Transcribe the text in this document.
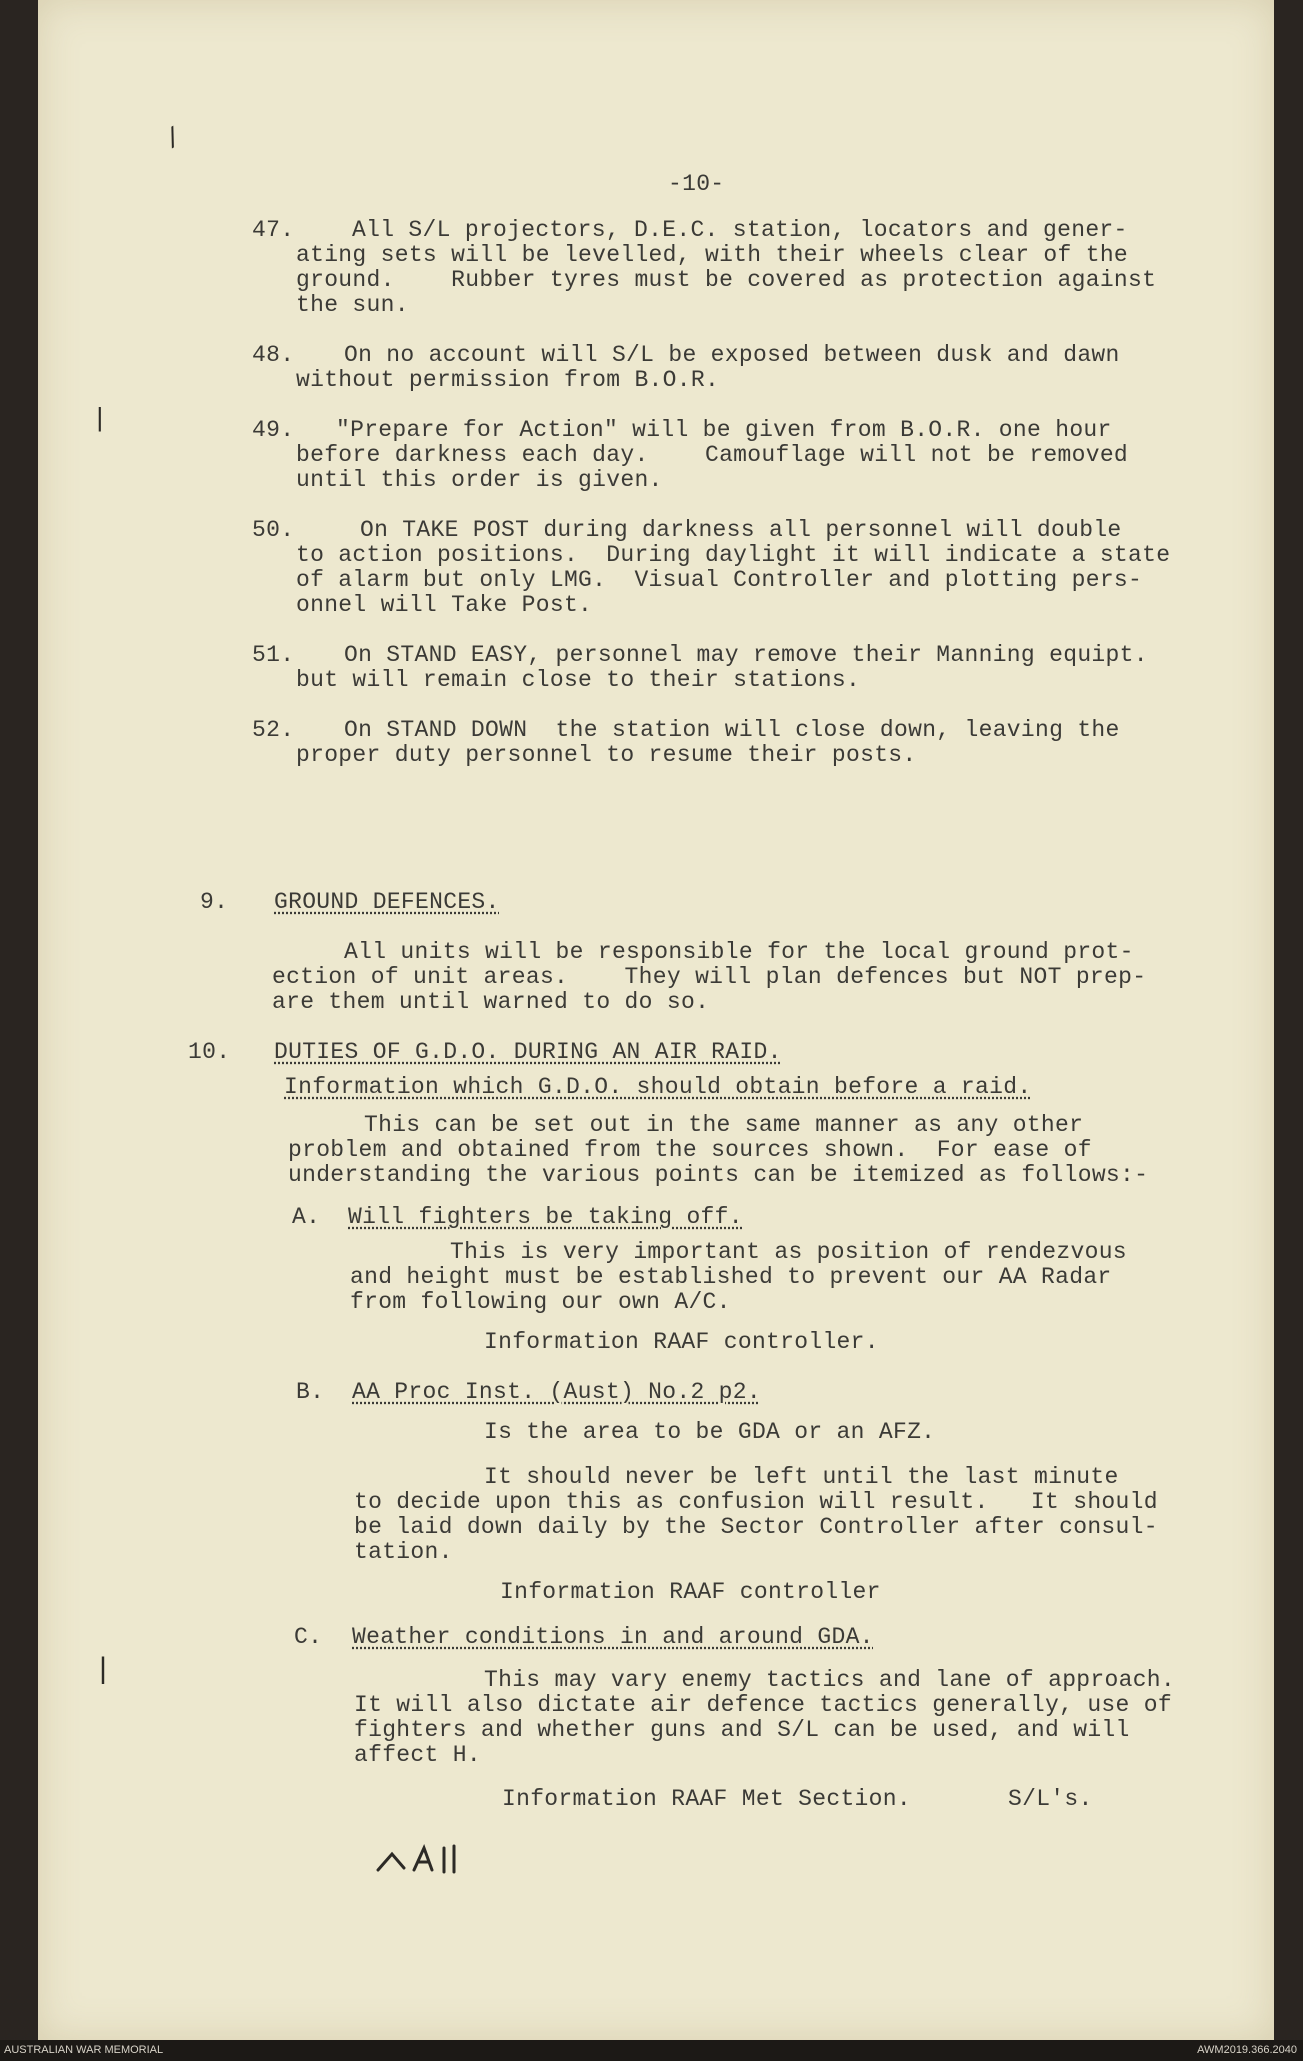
/
|
|
-10-
47.	All S/L projectors, D.E.C. station, locators and gener-
ating sets will be levelled, with their wheels clear of the
ground.    Rubber tyres must be covered as protection against
the sun.
48. On no account will S/L be exposed between dusk and dawn
without permission from B.O.R.
49. "Prepare for Action" will be given from B.O.R. one hour
before darkness each day.    Camouflage will not be removed
until this order is given.
50.	On TAKE POST during darkness all personnel will double
to action positions.  During daylight it will indicate a state
of alarm but only LMG.  Visual Controller and plotting pers-
onnel will Take Post.
51. On STAND EASY, personnel may remove their Manning equipt.
but will remain close to their stations.
52. On STAND DOWN  the station will close down, leaving the
proper duty personnel to resume their posts.
9. GROUND DEFENCES.
All units will be responsible for the local ground prot-
ection of unit areas.    They will plan defences but NOT prep-
are them until warned to do so.
10. DUTIES OF G.D.O. DURING AN AIR RAID.
Information which G.D.O. should obtain before a raid.
This can be set out in the same manner as any other
problem and obtained from the sources shown.  For ease of
understanding the various points can be itemized as follows:-
A. Will fighters be taking off.
This is very important as position of rendezvous
and height must be established to prevent our AA Radar
from following our own A/C.
Information RAAF controller.
B. AA Proc Inst. (Aust) No.2 p2.
Is the area to be GDA or an AFZ.
It should never be left until the last minute
to decide upon this as confusion will result.   It should
be laid down daily by the Sector Controller after consul-
tation.
Information RAAF controller
C. Weather conditions in and around GDA.
This may vary enemy tactics and lane of approach.
It will also dictate air defence tactics generally, use of
fighters and whether guns and S/L can be used, and will
affect H.
Information RAAF Met Section.	S/L's.
AUSTRALIAN WAR MEMORIAL	AWM2019.366.2040
